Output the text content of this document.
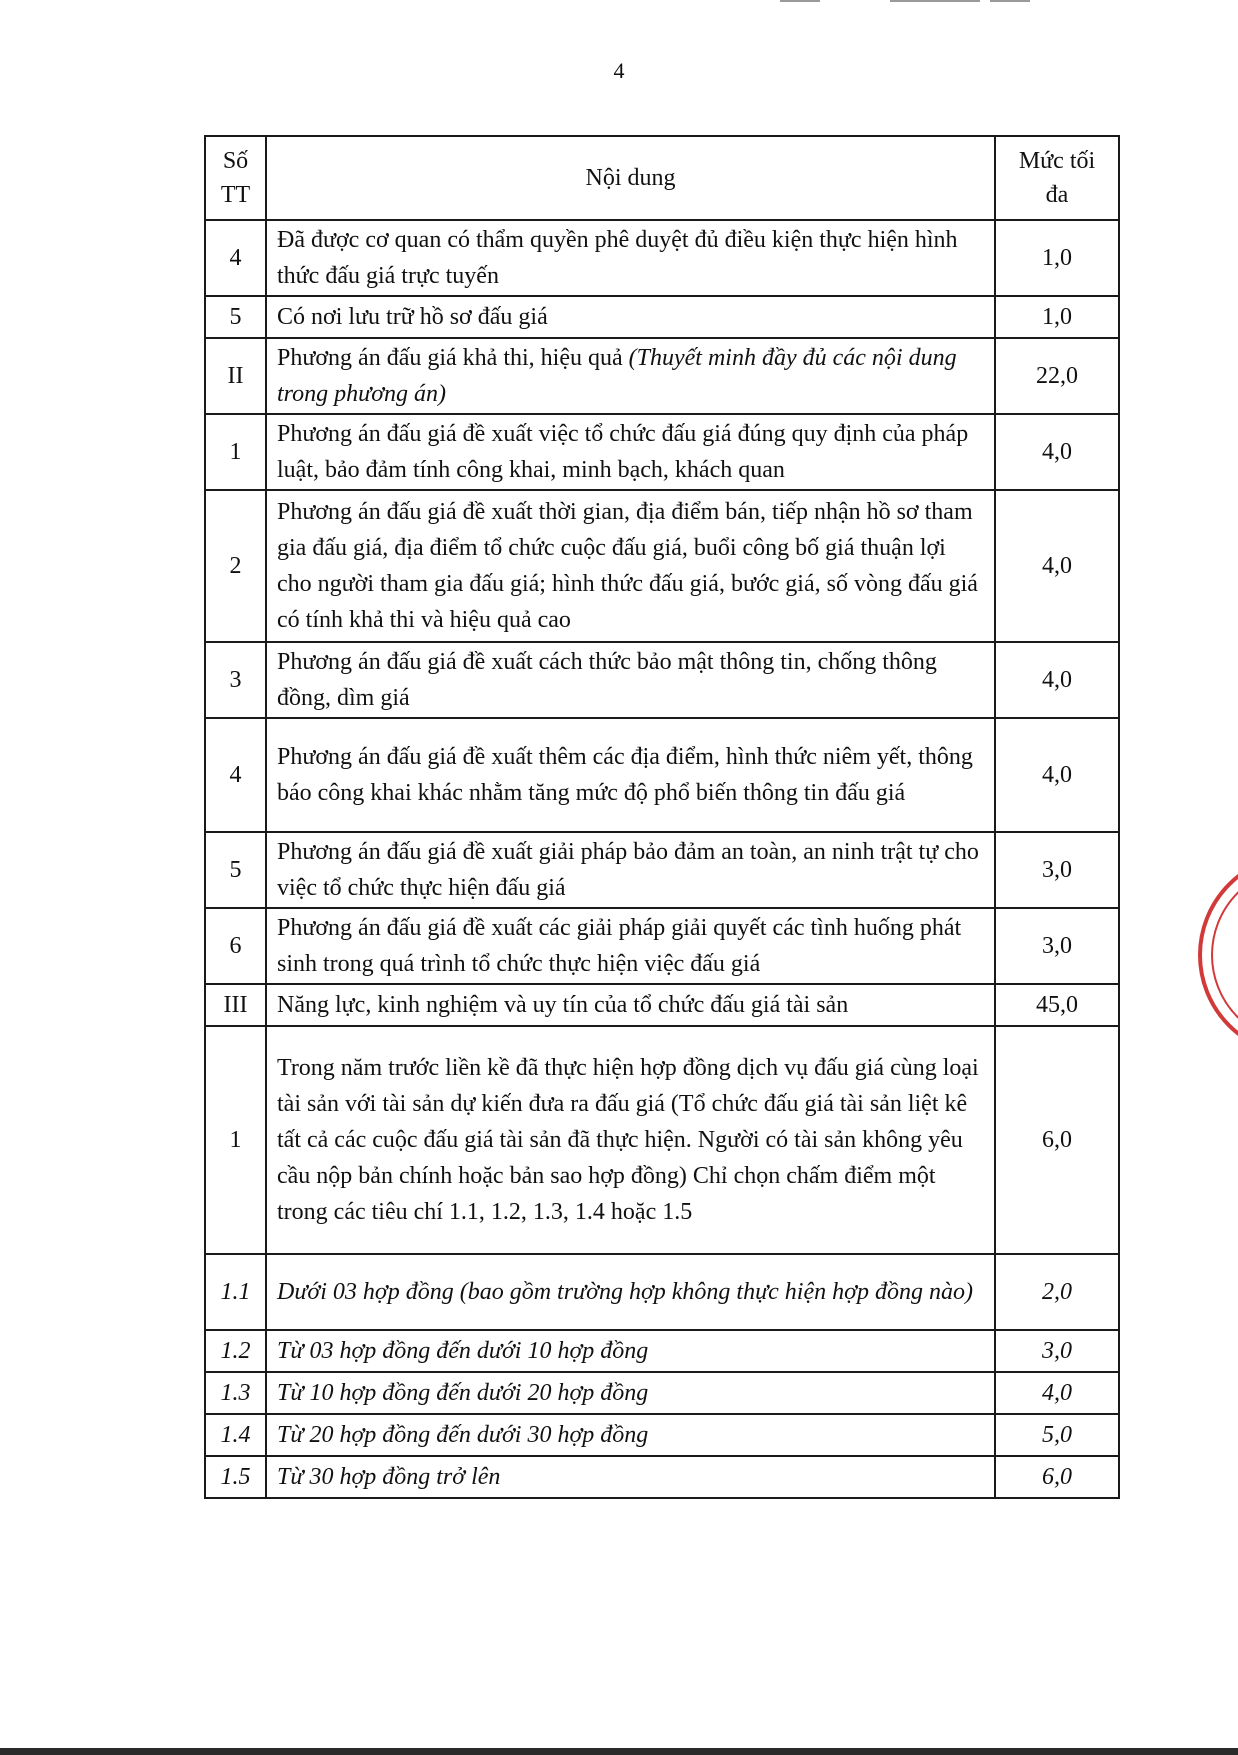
4
Số TT	Nội dung	Mức tối đa
4	Đã được cơ quan có thẩm quyền phê duyệt đủ điều kiện thực hiện hình thức đấu giá trực tuyến	1,0
5	Có nơi lưu trữ hồ sơ đấu giá	1,0
II	Phương án đấu giá khả thi, hiệu quả (Thuyết minh đầy đủ các nội dung trong phương án)	22,0
1	Phương án đấu giá đề xuất việc tổ chức đấu giá đúng quy định của pháp luật, bảo đảm tính công khai, minh bạch, khách quan	4,0
2	Phương án đấu giá đề xuất thời gian, địa điểm bán, tiếp nhận hồ sơ tham gia đấu giá, địa điểm tổ chức cuộc đấu giá, buổi công bố giá thuận lợi cho người tham gia đấu giá; hình thức đấu giá, bước giá, số vòng đấu giá có tính khả thi và hiệu quả cao	4,0
3	Phương án đấu giá đề xuất cách thức bảo mật thông tin, chống thông đồng, dìm giá	4,0
4	Phương án đấu giá đề xuất thêm các địa điểm, hình thức niêm yết, thông báo công khai khác nhằm tăng mức độ phổ biến thông tin đấu giá	4,0
5	Phương án đấu giá đề xuất giải pháp bảo đảm an toàn, an ninh trật tự cho việc tổ chức thực hiện đấu giá	3,0
6	Phương án đấu giá đề xuất các giải pháp giải quyết các tình huống phát sinh trong quá trình tổ chức thực hiện việc đấu giá	3,0
III	Năng lực, kinh nghiệm và uy tín của tổ chức đấu giá tài sản	45,0
1	Trong năm trước liền kề đã thực hiện hợp đồng dịch vụ đấu giá cùng loại tài sản với tài sản dự kiến đưa ra đấu giá (Tổ chức đấu giá tài sản liệt kê tất cả các cuộc đấu giá tài sản đã thực hiện. Người có tài sản không yêu cầu nộp bản chính hoặc bản sao hợp đồng) Chỉ chọn chấm điểm một trong các tiêu chí 1.1, 1.2, 1.3, 1.4 hoặc 1.5	6,0
1.1	Dưới 03 hợp đồng (bao gồm trường hợp không thực hiện hợp đồng nào)	2,0
1.2	Từ 03 hợp đồng đến dưới 10 hợp đồng	3,0
1.3	Từ 10 hợp đồng đến dưới 20 hợp đồng	4,0
1.4	Từ 20 hợp đồng đến dưới 30 hợp đồng	5,0
1.5	Từ 30 hợp đồng trở lên	6,0
